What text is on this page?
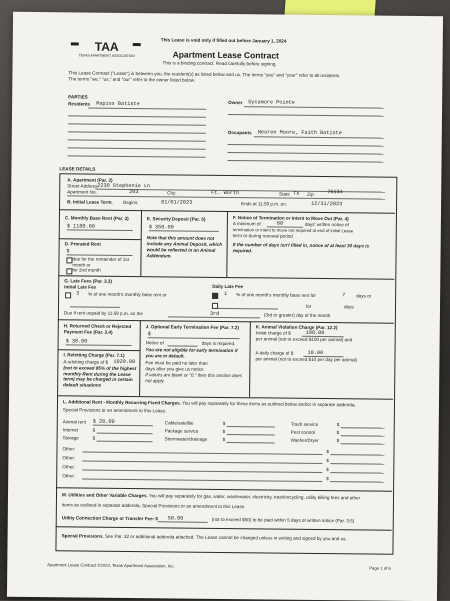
This Lease is void only if filled out before January 1, 2024
TAA
TEXAS APARTMENT ASSOCIATION	Apartment Lease Contract
This is a binding contract. Read carefully before signing.
This Lease Contract ("Lease") is between you, the resident(s) as listed below and us. The terms "you" and "your" refer to all residents.
The terms "we," "us," and "our" refer to the owner listed below.
PARTIES
Residents Mapios Batiste	Owner Sycamore Pointe
Occupants Nearen Moore, Faith Batiste
LEASE DETAILS
A. Apartment (Par. 2)
Street Address:
2230 Stephenie Ln
Apartment No.	203	City:	Ft. Worth	State TX Zip: 76134
B. Initial Lease Term. Begins:	01/01/2023	Ends at 11:59 p.m. on:	12/31/2023
C. Monthly Base Rent (Par. 3)
$ 1180.00
E. Security Deposit (Par. 5)
$ 350.00
Note that this amount does not include any Animal Deposit, which would be reflected in an Animal Addendum.
F. Notice of Termination or Intent to Move Out (Par. 4)
A minimum of	60	days' written notice of
termination or intent to move out required at end of initial Lease
term or during renewal period
If the number of days isn't filled in, notice of at least 30 days is required.
D. Prorated Rent
$
due for the remainder of 1st month or
for 2nd month
G. Late Fees (Par. 3.3)
Initial Late Fee
3 % of one month's monthly base rent or
Daily Late Fee
1 % of one month's monthly base rent for	7 days or
for	days
Due if rent unpaid by 11:59 p.m. on the	3rd	(3rd or greater) day of the month
H. Returned Check or Rejected Payment Fee (Par. 3.4)
$ 30.00
I. Reletting Charge (Par. 7.1)
A reletting charge of $ 1020.00
(not to exceed 85% of the highest monthly Rent during the Lease term) may be charged in certain default situations
J. Optional Early Termination Fee (Par. 7.2)
$
Notice of	days is required.
You are not eligible for early termination if you are in default.
Fee must be paid no later than
days after you give us notice
If values are blank or "0," then this section does not apply.
K. Animal Violation Charge (Par. 12.2)
Initial charge of $	100.00
per animal (not to exceed $100 per animal) and
A daily charge of $	10.00
per animal (not to exceed $10 per day per animal)
L. Additional Rent - Monthly Recurring Fixed Charges. You will pay separately for these items as outlined below and/or in separate addenda,
Special Provisions or an amendment to this Lease.
Animal rent $ 20.00
Internet	$
Storage	$
Cable/satellite	$
Package service	$
Stormwater/drainage	$
Trash service	$
Pest control	$
Washer/Dryer	$
Other:
$
Other:
$
Other:
$
Other:
$
M. Utilities and Other Variable Charges. You will pay separately for gas, water, wastewater, electricity, trash/recycling, utility billing fees and other
items as outlined in separate addenda, Special Provisions or an amendment to this Lease.
Utility Connection Charge or Transfer Fee: $ 50.00	(not to exceed $50) to be paid within 5 days of written notice (Par. 3.5)
Special Provisions. See Par. 32 or additional addenda attached. The Lease cannot be changed unless in writing and signed by you and us.
Apartment Lease Contract ©2023, Texas Apartment Association, Inc.	Page 1 of 6
